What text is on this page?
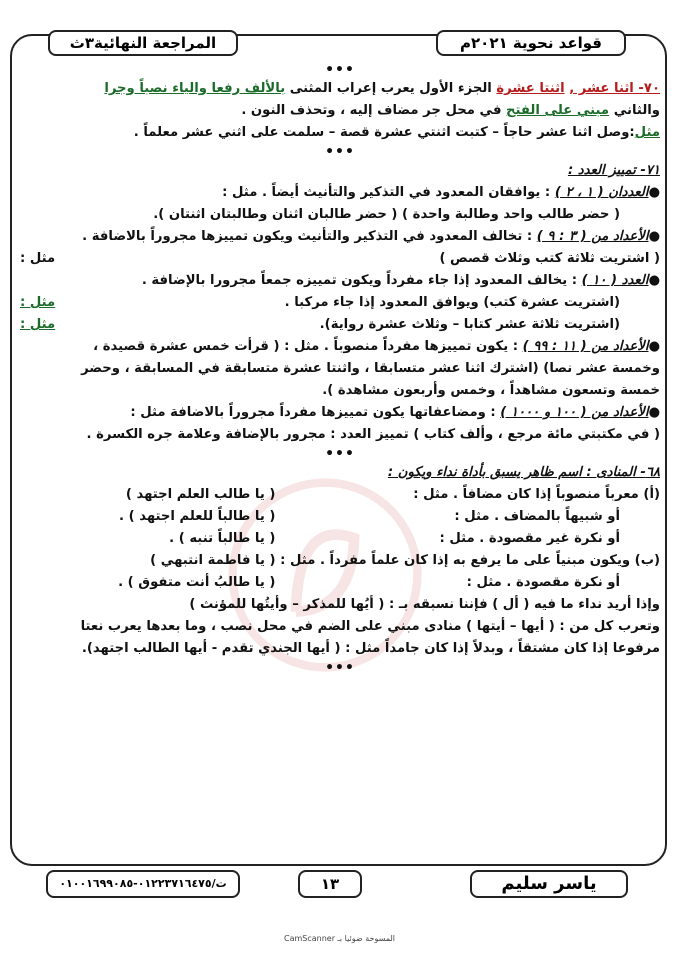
قواعد نحوية ٢٠٢١م
المراجعة النهائية٣ث
•••
٧٠- اثنا عشر , اثنتا عشرة الجزء الأول يعرب إعراب المثنى بالألف رفعا والياء نصباً وجرا
والثاني مبني على الفتح في محل جر مضاف إليه ، وتحذف النون .
مثل:وصل اثنا عشر حاجاً – كتبت اثنتي عشرة قصة – سلمت على اثني عشر معلماً .
•••
٧١- تمييز العدد :
●العددان ( ١ ، ٢ ) : يوافقان المعدود في التذكير والتأنيث أيضاً . مثل :
( حضر طالب واحد وطالبة واحدة ) ( حضر طالبان اثنان وطالبتان اثنتان ).
●الأعداد من ( ٣ : ٩ ) : تخالف المعدود في التذكير والتأنيث ويكون تمييزها مجروراً بالاضافة .
( اشتريت ثلاثة كتب وثلاث قصص )
مثل :
●العدد ( ١٠ ) : يخالف المعدود إذا جاء مفرداً ويكون تمييزه جمعاً مجرورا بالإضافة .
(اشتريت عشرة كتب) ويوافق المعدود إذا جاء مركبا .
مثل :
(اشتريت ثلاثة عشر كتابا – وثلاث عشرة رواية).
مثل :
●الأعداد من ( ١١ : ٩٩ ) : يكون تمييزها مفرداً منصوباً . مثل : ( قرأت خمس عشرة قصيدة ،
وخمسة عشر نصا) (اشترك اثنا عشر متسابقا ، واثنتا عشرة متسابقة في المسابقة ، وحضر
خمسة وتسعون مشاهداً ، وخمس وأربعون مشاهدة ).
●الأعداد من ( ١٠٠ و ١٠٠٠ ) : ومضاعفاتها يكون تمييزها مفرداً مجروراً بالاضافة مثل :
( في مكتبتي مائة مرجع ، وألف كتاب ) تمييز العدد : مجرور بالإضافة وعلامة جره الكسرة .
•••
٦٨- المنادى : اسم ظاهر يسبق بأداة نداء ويكون :
(أ) معرباً منصوباً إذا كان مضافاً . مثل : ( يا طالب العلم اجتهد )
أو شبيهاً بالمضاف . مثل : ( يا طالباً للعلم اجتهد ) .
أو نكرة غير مقصودة . مثل : ( يا طالباً تنبه ) .
(ب) ويكون مبنياً على ما يرفع به إذا كان علماً مفرداً . مثل : ( يا فاطمة انتبهي )
أو نكرة مقصودة . مثل : ( يا طالبُ أنت متفوق ) .
وإذا أريد نداء ما فيه ( أل ) فإننا نسبقه بـ : ( أيُها للمذكر – وأيتُها للمؤنث )
وتعرب كل من : ( أيها – أيتها ) منادى مبني على الضم في محل نصب ، وما بعدها يعرب نعتا
مرفوعا إذا كان مشتقاً ، وبدلاً إذا كان جامداً مثل : ( أيها الجندي تقدم - أيها الطالب اجتهد).
•••
ياسر سليم
١٣
ت/٠١٢٢٣٧١٦٤٧٥-٠١٠٠١٦٩٩٠٨٥
CamScanner المسوحة ضوئيا بـ
